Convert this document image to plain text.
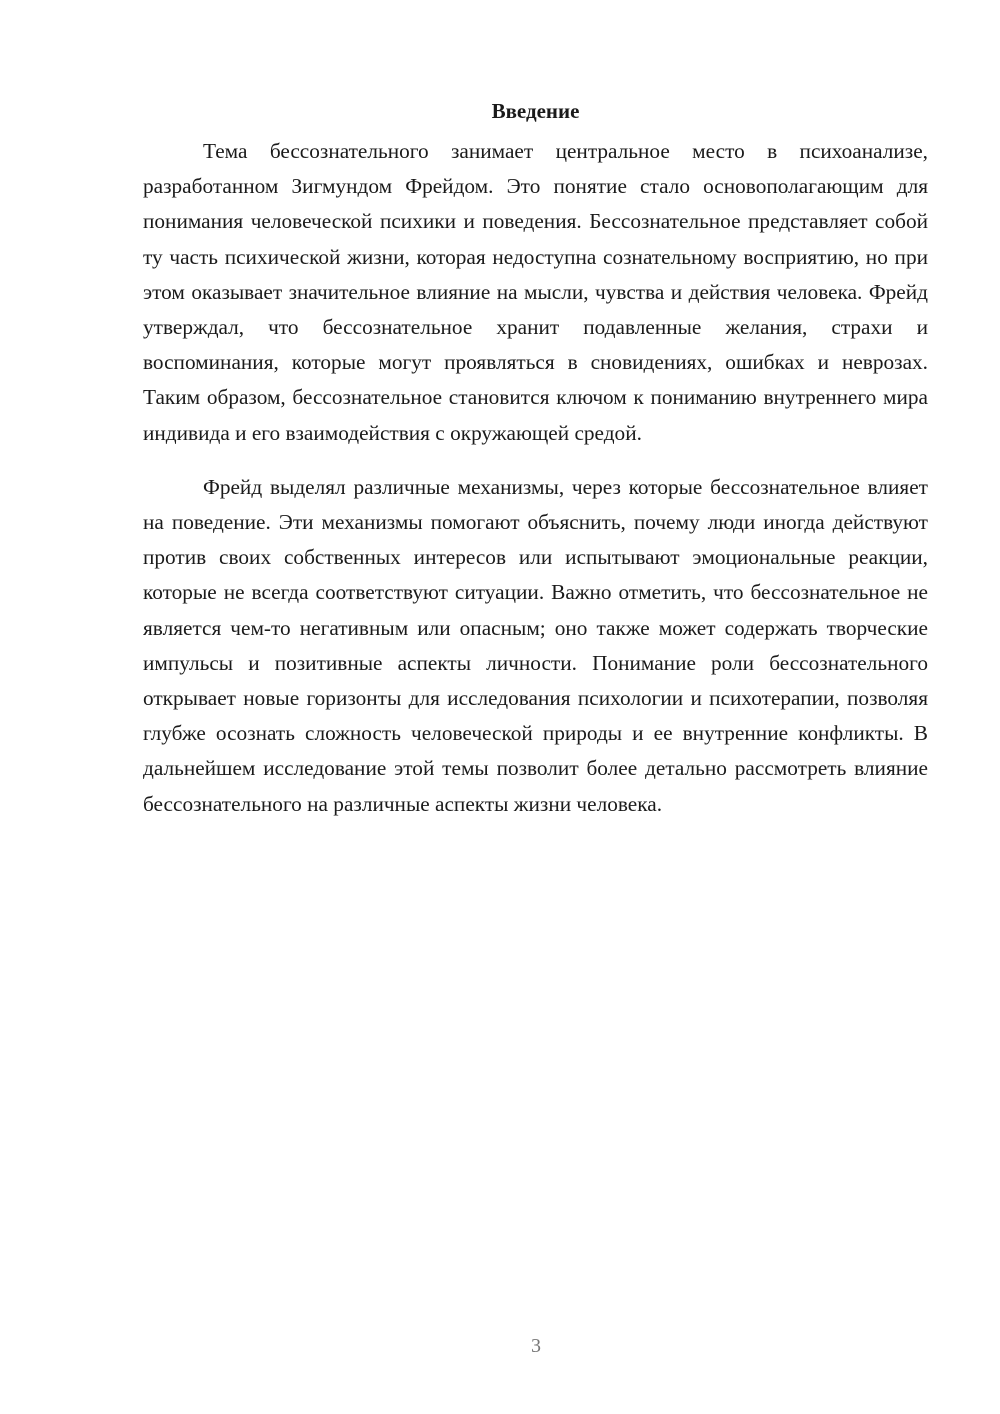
Введение

Тема бессознательного занимает центральное место в психоанализе, разработанном Зигмундом Фрейдом. Это понятие стало основополагающим для понимания человеческой психики и поведения. Бессознательное представляет собой ту часть психической жизни, которая недоступна сознательному восприятию, но при этом оказывает значительное влияние на мысли, чувства и действия человека. Фрейд утверждал, что бессознательное хранит подавленные желания, страхи и воспоминания, которые могут проявляться в сновидениях, ошибках и неврозах. Таким образом, бессознательное становится ключом к пониманию внутреннего мира индивида и его взаимодействия с окружающей средой.

Фрейд выделял различные механизмы, через которые бессознательное влияет на поведение. Эти механизмы помогают объяснить, почему люди иногда действуют против своих собственных интересов или испытывают эмоциональные реакции, которые не всегда соответствуют ситуации. Важно отметить, что бессознательное не является чем-то негативным или опасным; оно также может содержать творческие импульсы и позитивные аспекты личности. Понимание роли бессознательного открывает новые горизонты для исследования психологии и психотерапии, позволяя глубже осознать сложность человеческой природы и ее внутренние конфликты. В дальнейшем исследование этой темы позволит более детально рассмотреть влияние бессознательного на различные аспекты жизни человека.

3
